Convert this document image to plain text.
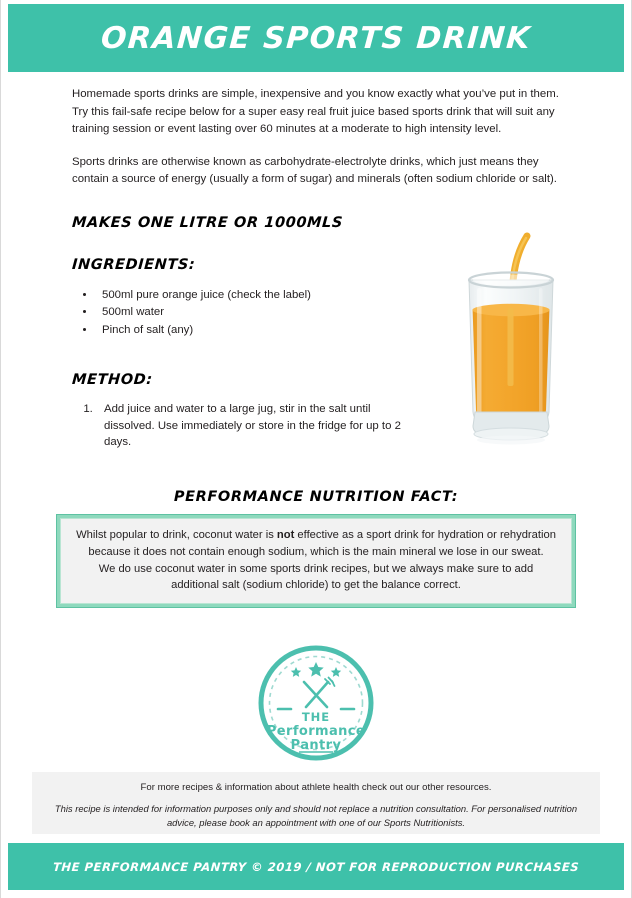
ORANGE SPORTS DRINK

Homemade sports drinks are simple, inexpensive and you know exactly what you’ve put in them. Try this fail-safe recipe below for a super easy real fruit juice based sports drink that will suit any training session or event lasting over 60 minutes at a moderate to high intensity level.

Sports drinks are otherwise known as carbohydrate-electrolyte drinks, which just means they contain a source of energy (usually a form of sugar) and minerals (often sodium chloride or salt).

MAKES ONE LITRE OR 1000MLS
INGREDIENTS:
• 500ml pure orange juice (check the label)
• 500ml water
• Pinch of salt (any)
METHOD:
1. Add juice and water to a large jug, stir in the salt until dissolved. Use immediately or store in the fridge for up to 2 days.
PERFORMANCE NUTRITION FACT:
Whilst popular to drink, coconut water is not effective as a sport drink for hydration or rehydration because it does not contain enough sodium, which is the main mineral we lose in our sweat.
We do use coconut water in some sports drink recipes, but we always make sure to add additional salt (sodium chloride) to get the balance correct.
THE
Performance
Pantry
For more recipes & information about athlete health check out our other resources.
This recipe is intended for information purposes only and should not replace a nutrition consultation. For personalised nutrition advice, please book an appointment with one of our Sports Nutritionists.
THE PERFORMANCE PANTRY © 2019 / NOT FOR REPRODUCTION PURCHASES
